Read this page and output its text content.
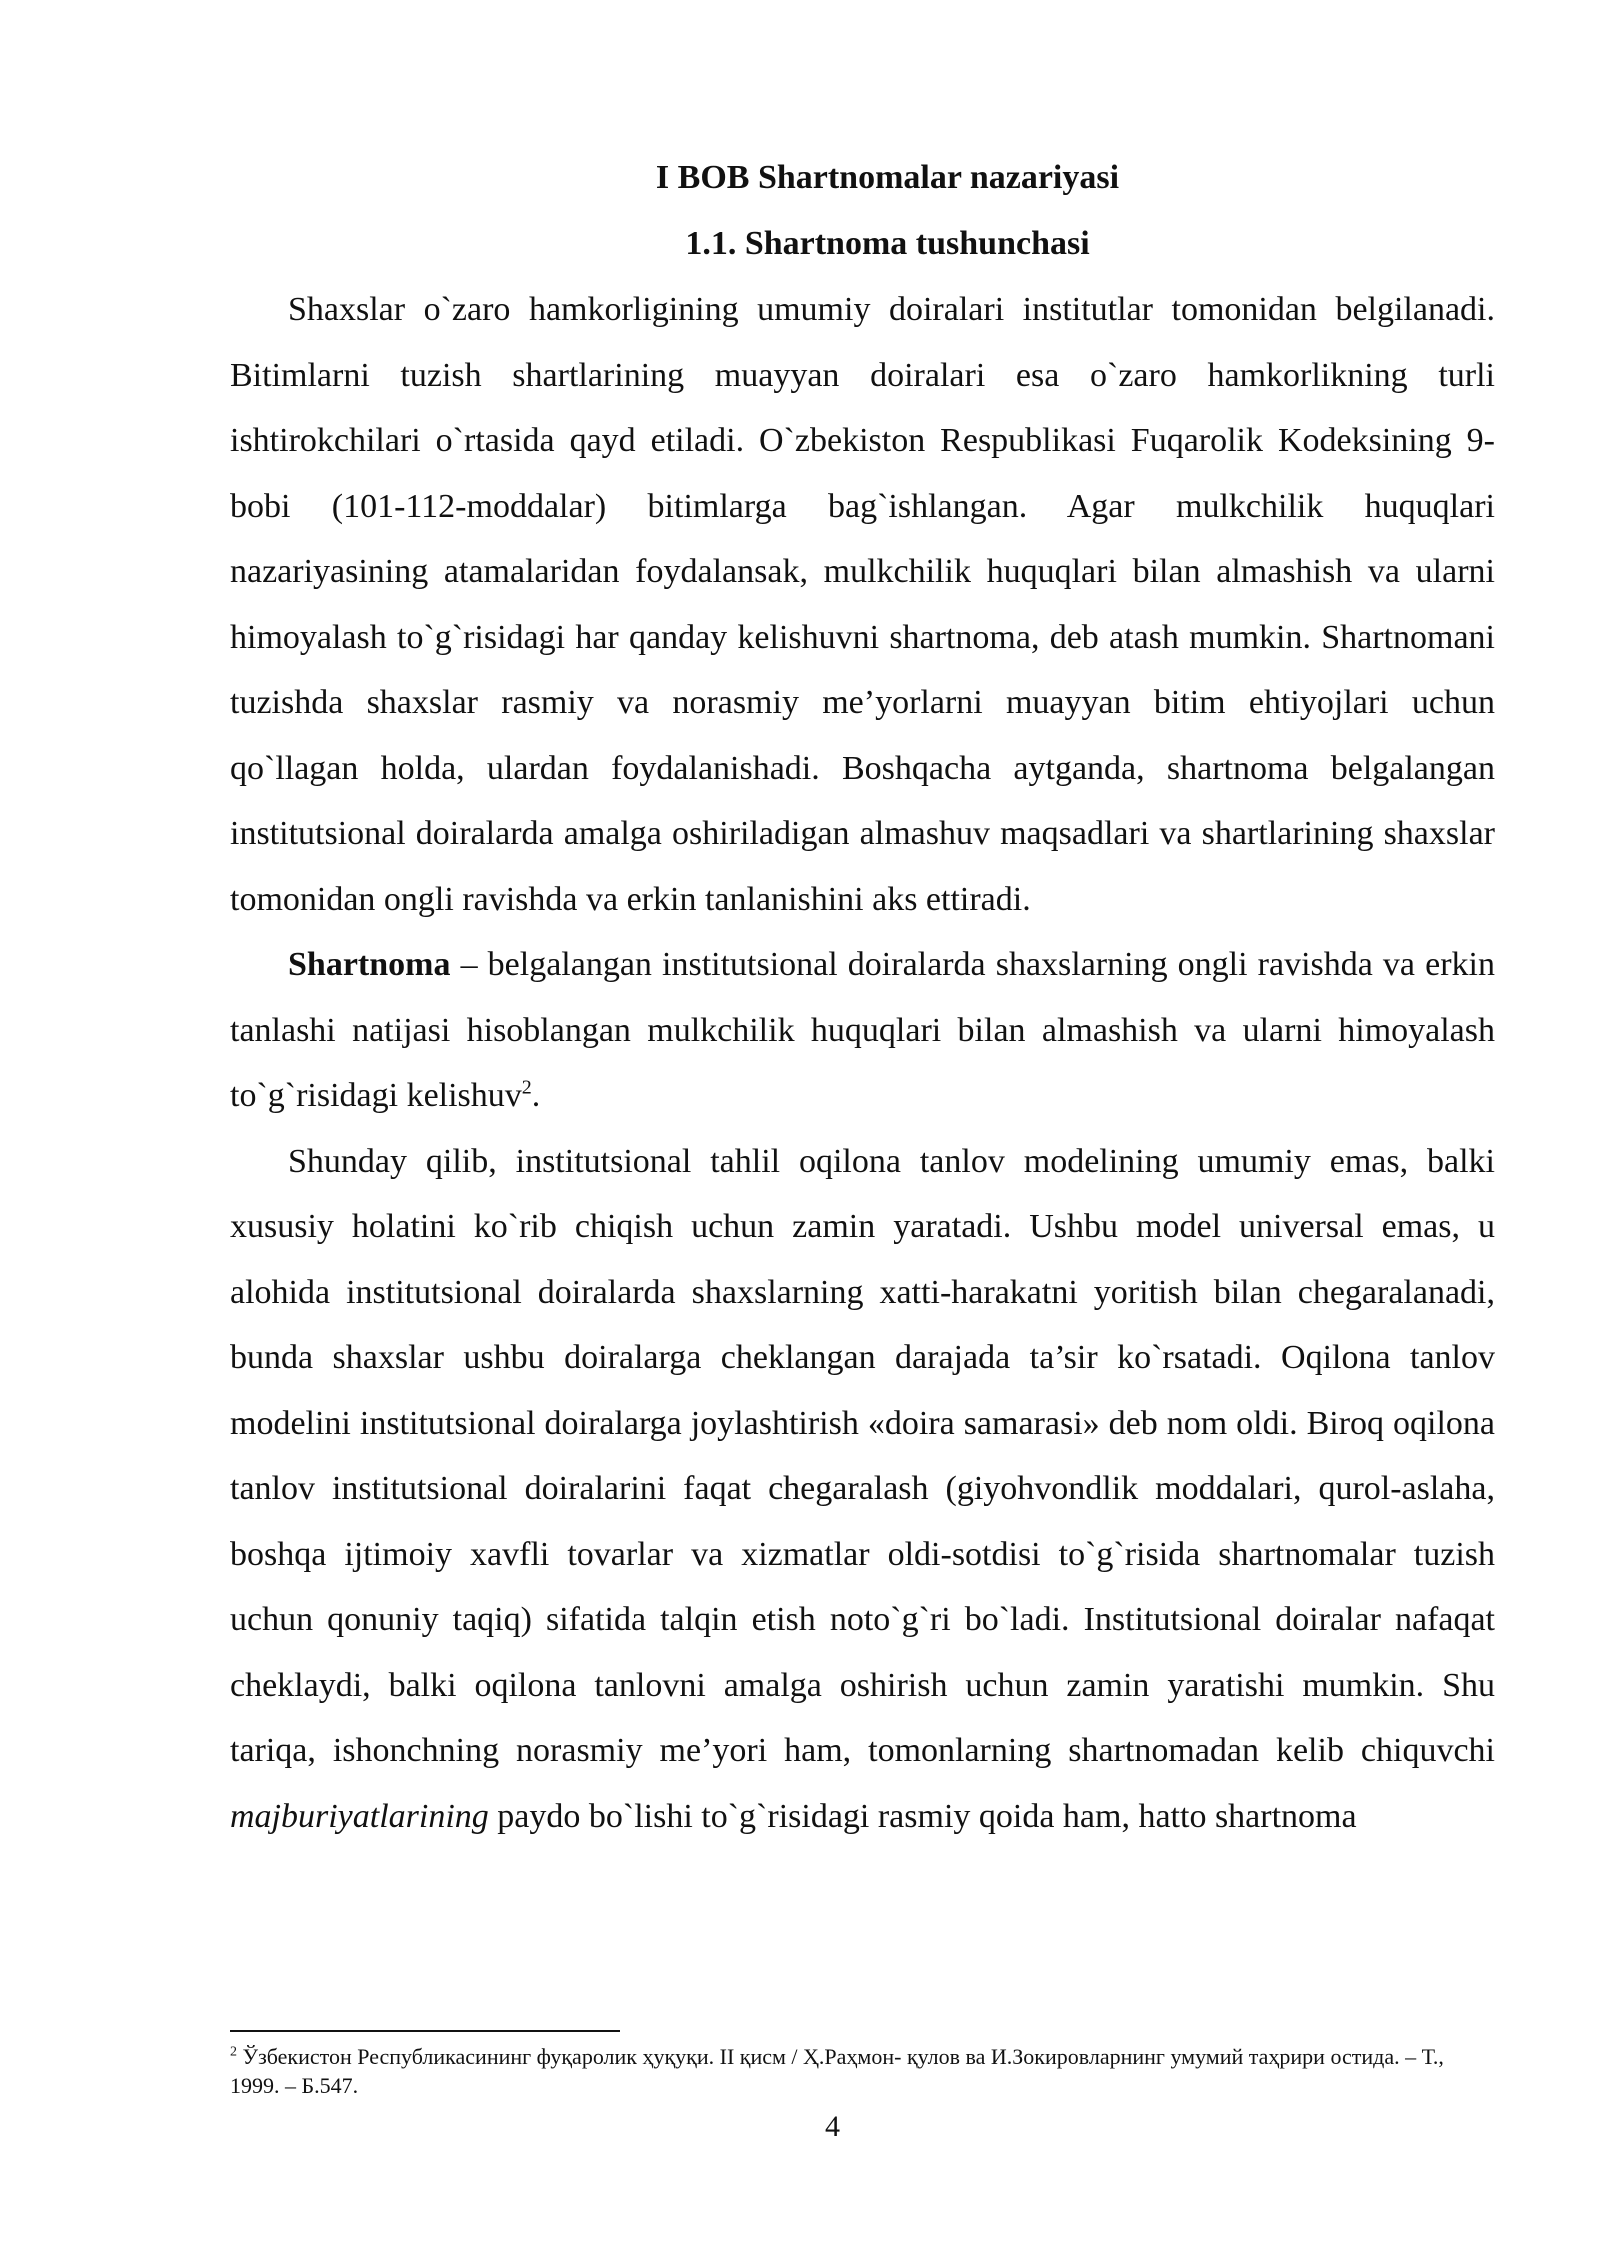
I BOB Shartnomalar nazariyasi

1.1. Shartnoma tushunchasi

Shaxslar o`zaro hamkorligining umumiy doiralari institutlar tomonidan belgilanadi. Bitimlarni tuzish shartlarining muayyan doiralari esa o`zaro hamkorlikning turli ishtirokchilari o`rtasida qayd etiladi. O`zbekiston Respublikasi Fuqarolik Kodeksining 9-bobi (101-112-moddalar) bitimlarga bag`ishlangan. Agar mulkchilik huquqlari nazariyasining atamalaridan foydalansak, mulkchilik huquqlari bilan almashish va ularni himoyalash to`g`risidagi har qanday kelishuvni shartnoma, deb atash mumkin. Shartnomani tuzishda shaxslar rasmiy va norasmiy me’yorlarni muayyan bitim ehtiyojlari uchun qo`llagan holda, ulardan foydalanishadi. Boshqacha aytganda, shartnoma belgalangan institutsional doiralarda amalga oshiriladigan almashuv maqsadlari va shartlarining shaxslar tomonidan ongli ravishda va erkin tanlanishini aks ettiradi.

Shartnoma – belgalangan institutsional doiralarda shaxslarning ongli ravishda va erkin tanlashi natijasi hisoblangan mulkchilik huquqlari bilan almashish va ularni himoyalash to`g`risidagi kelishuv$^2$.

Shunday qilib, institutsional tahlil oqilona tanlov modelining umumiy emas, balki xususiy holatini ko`rib chiqish uchun zamin yaratadi. Ushbu model universal emas, u alohida institutsional doiralarda shaxslarning xatti-harakatni yoritish bilan chegaralanadi, bunda shaxslar ushbu doiralarga cheklangan darajada ta’sir ko`rsatadi. Oqilona tanlov modelini institutsional doiralarga joylashtirish «doira samarasi» deb nom oldi. Biroq oqilona tanlov institutsional doiralarini faqat chegaralash (giyohvondlik moddalari, qurol-aslaha, boshqa ijtimoiy xavfli tovarlar va xizmatlar oldi-sotdisi to`g`risida shartnomalar tuzish uchun qonuniy taqiq) sifatida talqin etish noto`g`ri bo`ladi. Institutsional doiralar nafaqat cheklaydi, balki oqilona tanlovni amalga oshirish uchun zamin yaratishi mumkin. Shu tariqa, ishonchning norasmiy me’yori ham, tomonlarning shartnomadan kelib chiquvchi majburiyatlarining paydo bo`lishi to`g`risidagi rasmiy qoida ham, hatto shartnoma

$^2$ Ўзбекистон Республикасининг фуқаролик ҳуқуқи. II қисм / Ҳ.Раҳмон- қулов ва И.Зокировларнинг умумий таҳрири остида. – Т., 1999. – Б.547.

4
